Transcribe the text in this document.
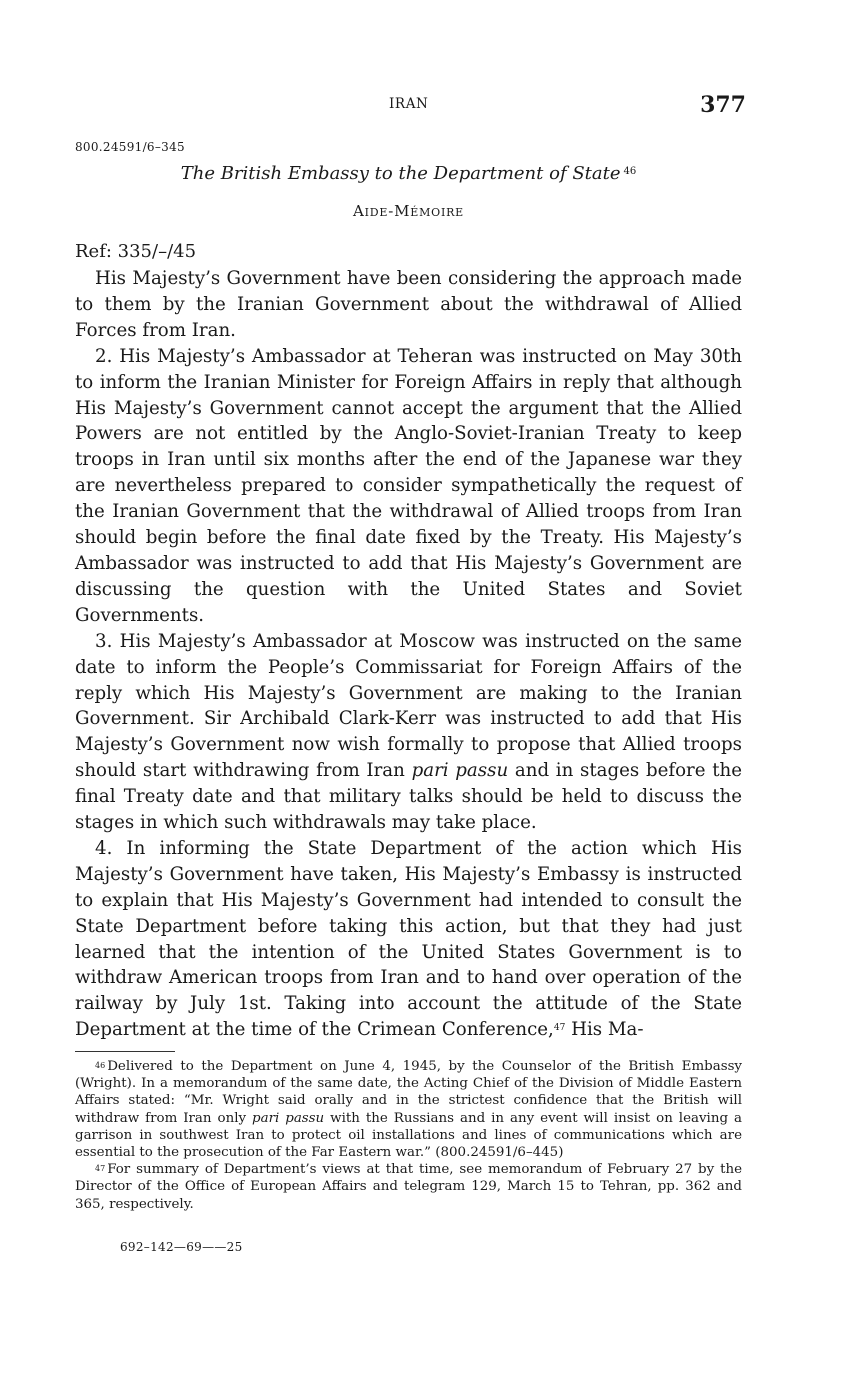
IRAN	377
800.24591/6–345
The British Embassy to the Department of State $^{46}$
Aide-Mémoire
Ref: 335/–/45

His Majesty’s Government have been considering the approach made to them by the Iranian Government about the withdrawal of Allied Forces from Iran.

2. His Majesty’s Ambassador at Teheran was instructed on May 30th to inform the Iranian Minister for Foreign Affairs in reply that although His Majesty’s Government cannot accept the argument that the Allied Powers are not entitled by the Anglo-Soviet-Iranian Treaty to keep troops in Iran until six months after the end of the Japanese war they are nevertheless prepared to consider sympathetically the request of the Iranian Government that the withdrawal of Allied troops from Iran should begin before the final date fixed by the Treaty. His Majesty’s Ambassador was instructed to add that His Majesty’s Government are discussing the question with the United States and Soviet Governments.

3. His Majesty’s Ambassador at Moscow was instructed on the same date to inform the People’s Commissariat for Foreign Affairs of the reply which His Majesty’s Government are making to the Iranian Government. Sir Archibald Clark-Kerr was instructed to add that His Majesty’s Government now wish formally to propose that Allied troops should start withdrawing from Iran pari passu and in stages before the final Treaty date and that military talks should be held to discuss the stages in which such withdrawals may take place.

4. In informing the State Department of the action which His Majesty’s Government have taken, His Majesty’s Embassy is instructed to explain that His Majesty’s Government had intended to consult the State Department before taking this action, but that they had just learned that the intention of the United States Government is to withdraw American troops from Iran and to hand over operation of the railway by July 1st. Taking into account the attitude of the State Department at the time of the Crimean Conference,$^{47}$ His Ma-

$^{46}$ Delivered to the Department on June 4, 1945, by the Counselor of the British Embassy (Wright). In a memorandum of the same date, the Acting Chief of the Division of Middle Eastern Affairs stated: “Mr. Wright said orally and in the strictest confidence that the British will withdraw from Iran only pari passu with the Russians and in any event will insist on leaving a garrison in southwest Iran to protect oil installations and lines of communications which are essential to the prosecution of the Far Eastern war.” (800.24591/6–445)

$^{47}$ For summary of Department’s views at that time, see memorandum of February 27 by the Director of the Office of European Affairs and telegram 129, March 15 to Tehran, pp. 362 and 365, respectively.

692–142—69——25
